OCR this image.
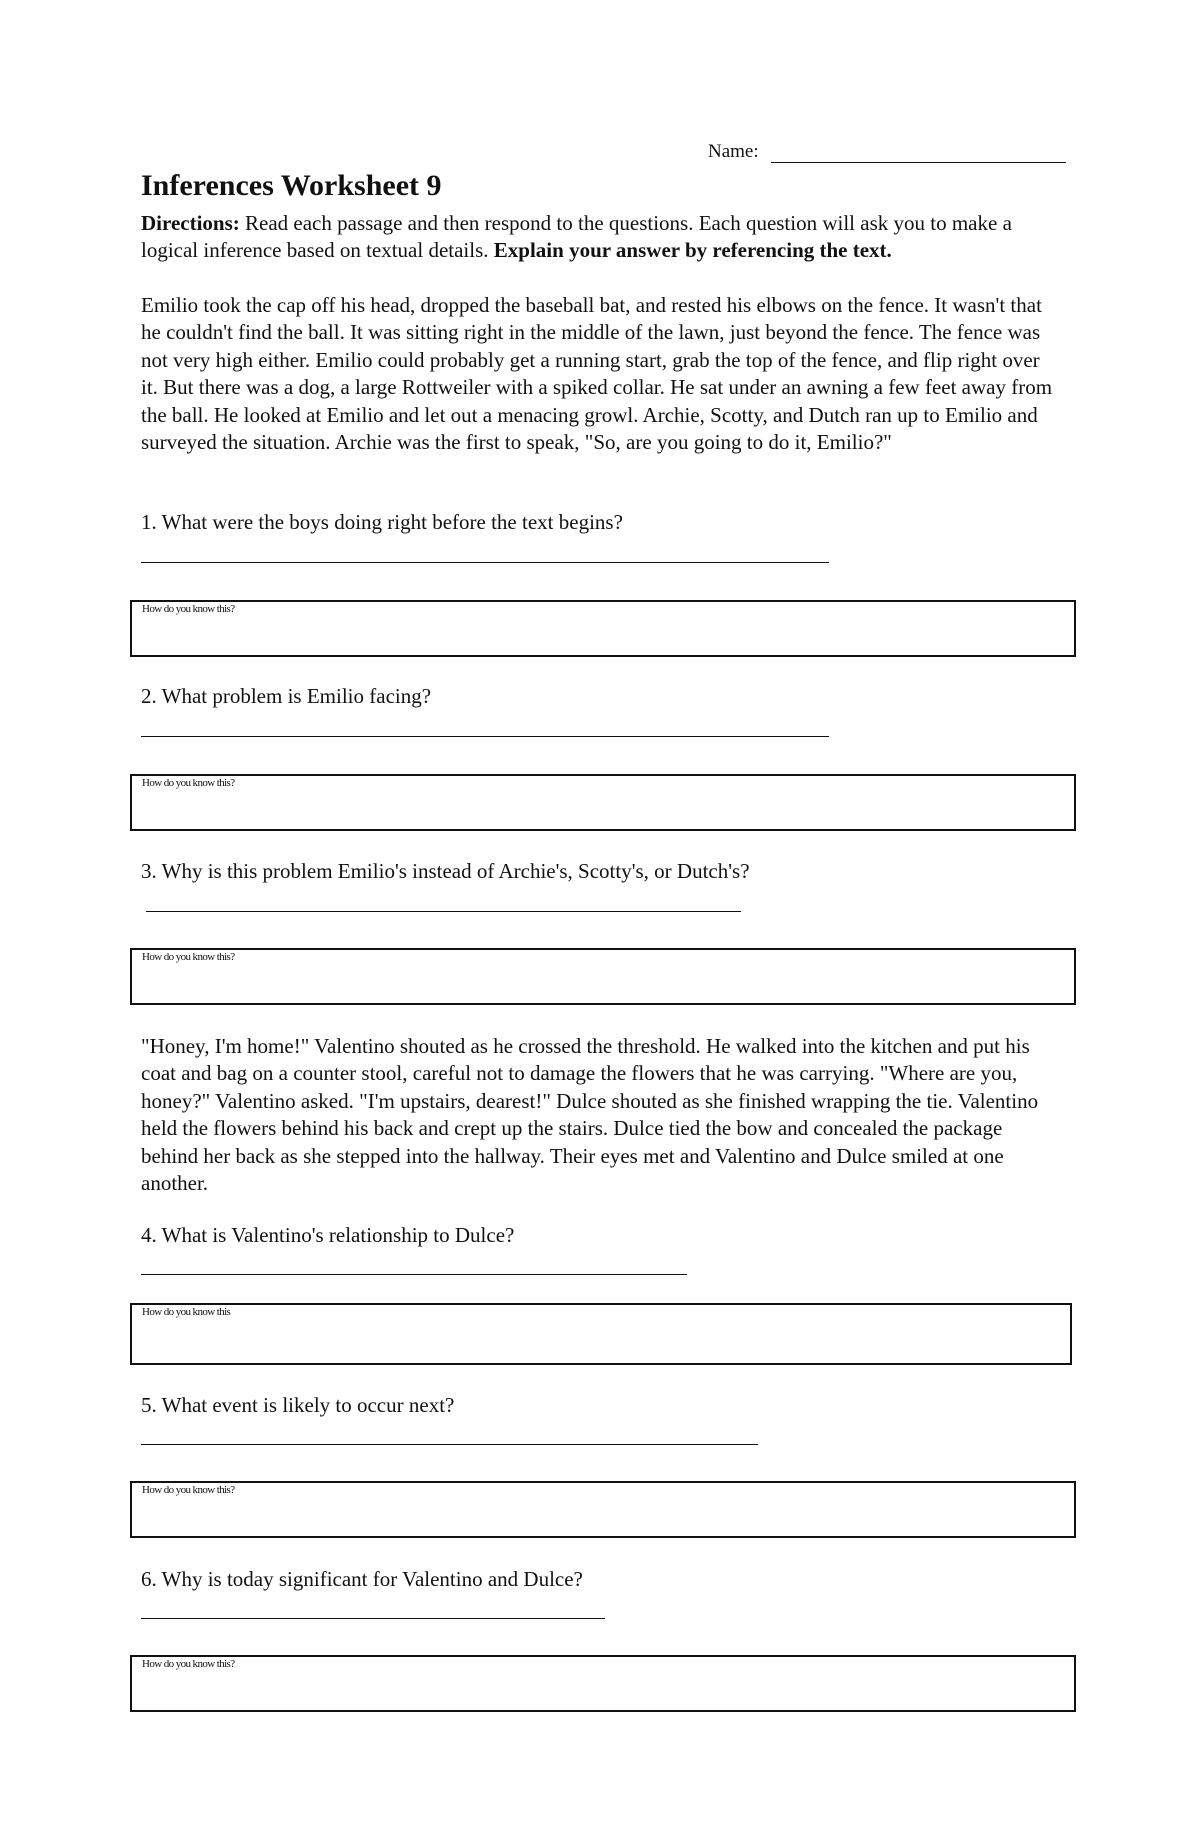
Name:
Inferences Worksheet 9

Directions: Read each passage and then respond to the questions. Each question will ask you to make a logical inference based on textual details. Explain your answer by referencing the text.

Emilio took the cap off his head, dropped the baseball bat, and rested his elbows on the fence. It wasn't that he couldn't find the ball. It was sitting right in the middle of the lawn, just beyond the fence. The fence was not very high either. Emilio could probably get a running start, grab the top of the fence, and flip right over it. But there was a dog, a large Rottweiler with a spiked collar. He sat under an awning a few feet away from the ball. He looked at Emilio and let out a menacing growl. Archie, Scotty, and Dutch ran up to Emilio and surveyed the situation. Archie was the first to speak, "So, are you going to do it, Emilio?"

1. What were the boys doing right before the text begins?

How do you know this?

2. What problem is Emilio facing?

How do you know this?

3. Why is this problem Emilio's instead of Archie's, Scotty's, or Dutch's?

How do you know this?

"Honey, I'm home!" Valentino shouted as he crossed the threshold. He walked into the kitchen and put his coat and bag on a counter stool, careful not to damage the flowers that he was carrying. "Where are you, honey?" Valentino asked. "I'm upstairs, dearest!" Dulce shouted as she finished wrapping the tie. Valentino held the flowers behind his back and crept up the stairs. Dulce tied the bow and concealed the package behind her back as she stepped into the hallway. Their eyes met and Valentino and Dulce smiled at one another.

4. What is Valentino's relationship to Dulce?

How do you know this

5. What event is likely to occur next?

How do you know this?

6. Why is today significant for Valentino and Dulce?

How do you know this?
